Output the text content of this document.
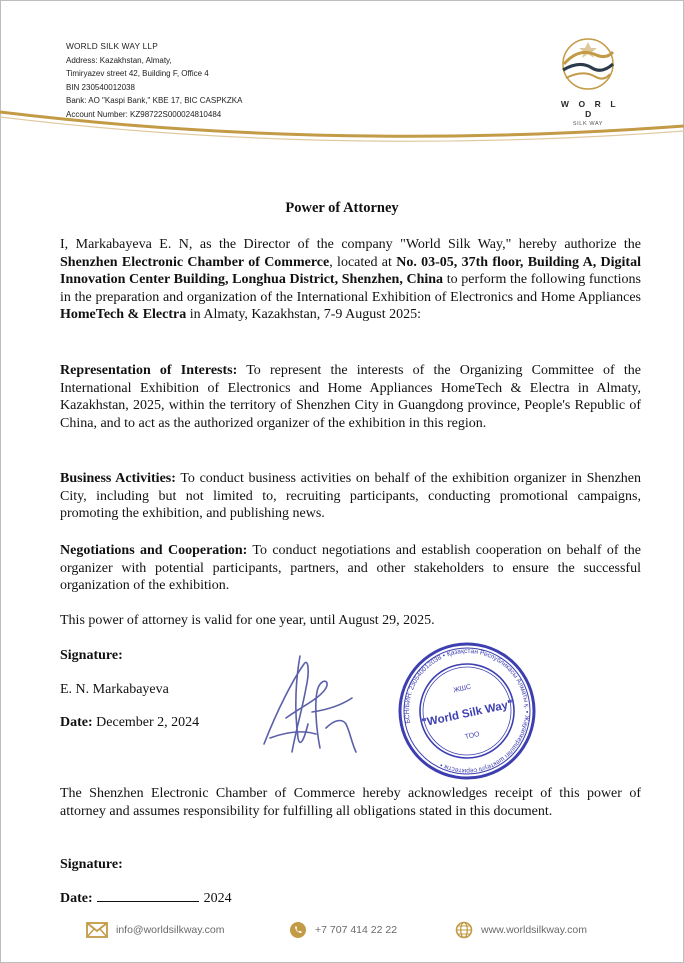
WORLD SILK WAY LLP
Address: Kazakhstan, Almaty,
Timiryazev street 42, Building F, Office 4
BIN 230540012038
Bank: AO "Kaspi Bank," KBE 17, BIC CASPKZKA
Account Number: KZ98722S000024810484
W O R L D
SILK WAY
Power of Attorney
I, Markabayeva E. N, as the Director of the company "World Silk Way," hereby authorize the Shenzhen Electronic Chamber of Commerce, located at No. 03-05, 37th floor, Building A, Digital Innovation Center Building, Longhua District, Shenzhen, China to perform the following functions in the preparation and organization of the International Exhibition of Electronics and Home Appliances HomeTech & Electra in Almaty, Kazakhstan, 7-9 August 2025:
Representation of Interests: To represent the interests of the Organizing Committee of the International Exhibition of Electronics and Home Appliances HomeTech & Electra in Almaty, Kazakhstan, 2025, within the territory of Shenzhen City in Guangdong province, People's Republic of China, and to act as the authorized organizer of the exhibition in this region.
Business Activities: To conduct business activities on behalf of the exhibition organizer in Shenzhen City, including but not limited to, recruiting participants, conducting promotional campaigns, promoting the exhibition, and publishing news.
Negotiations and Cooperation: To conduct negotiations and establish cooperation on behalf of the organizer with potential participants, partners, and other stakeholders to ensure the successful organization of the exhibition.
This power of attorney is valid for one year, until August 29, 2025.
Signature:
E. N. Markabayeva
Date: December 2, 2024	БСН/БИН: 230540012038 • Қазақстан Республикасы Алматы қ. • Жауапкершілігі шектеулі серіктестік •
ЖШС
"World Silk Way"
ТОО
The Shenzhen Electronic Chamber of Commerce hereby acknowledges receipt of this power of attorney and assumes responsibility for fulfilling all obligations stated in this document.
Signature:
Date:	2024
info@worldsilkway.com	+7 707 414 22 22	www.worldsilkway.com
